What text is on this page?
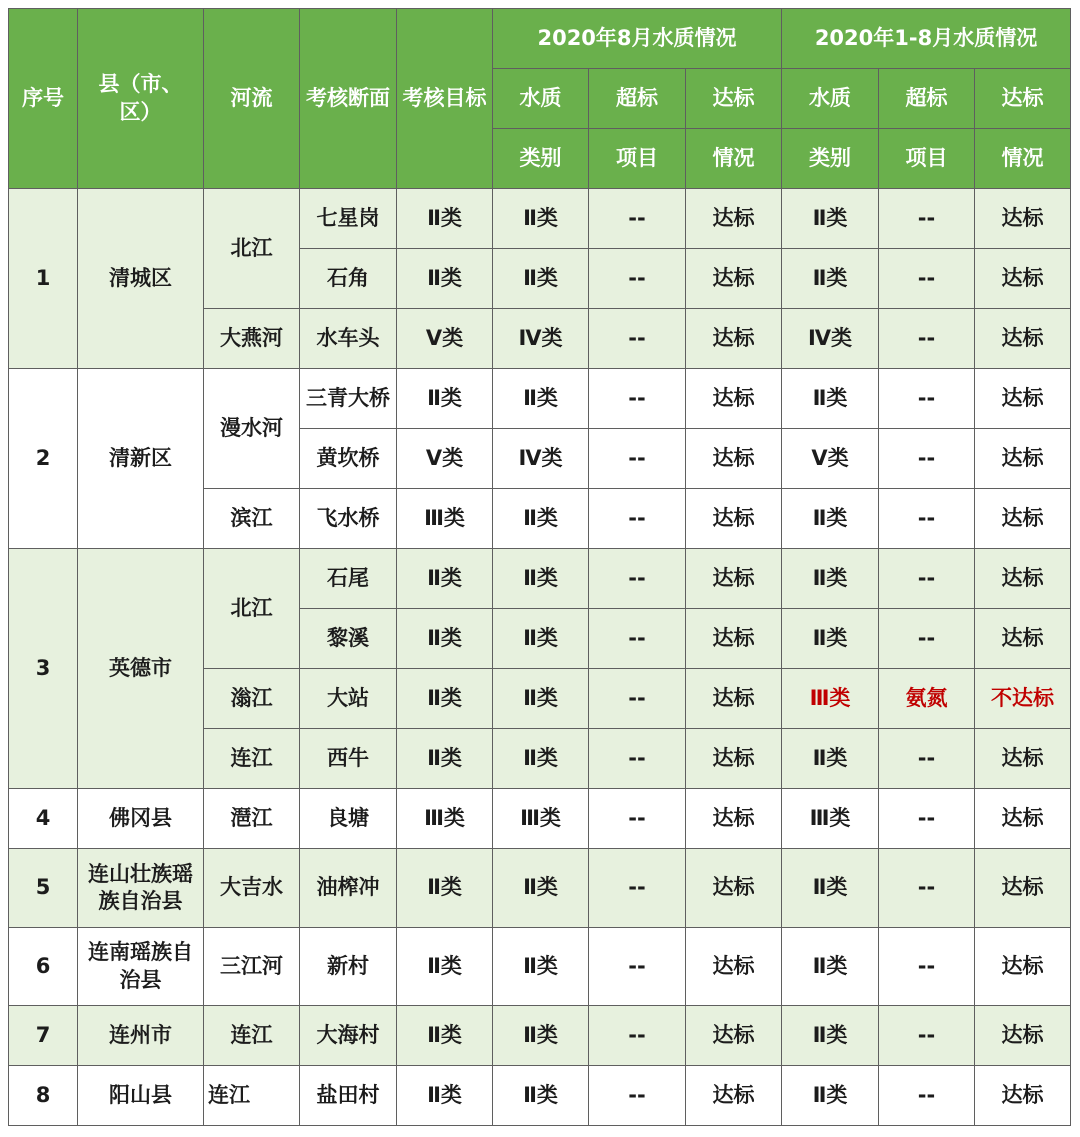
序号	县（市、区）	河流	考核断面	考核目标	2020年8月水质情况			2020年1-8月水质情况		
					水质	超标	达标	水质	超标	达标
					类别	项目	情况	类别	项目	情况
1	清城区	北江	七星岗	Ⅱ类	Ⅱ类	--	达标	Ⅱ类	--	达标
			石角	Ⅱ类	Ⅱ类	--	达标	Ⅱ类	--	达标
		大燕河	水车头	Ⅴ类	Ⅳ类	--	达标	Ⅳ类	--	达标
2	清新区	漫水河	三青大桥	Ⅱ类	Ⅱ类	--	达标	Ⅱ类	--	达标
			黄坎桥	Ⅴ类	Ⅳ类	--	达标	Ⅴ类	--	达标
		滨江	飞水桥	Ⅲ类	Ⅱ类	--	达标	Ⅱ类	--	达标
3	英德市	北江	石尾	Ⅱ类	Ⅱ类	--	达标	Ⅱ类	--	达标
			黎溪	Ⅱ类	Ⅱ类	--	达标	Ⅱ类	--	达标
		滃江	大站	Ⅱ类	Ⅱ类	--	达标	Ⅲ类	氨氮	不达标
		连江	西牛	Ⅱ类	Ⅱ类	--	达标	Ⅱ类	--	达标
4	佛冈县	潖江	良塘	Ⅲ类	Ⅲ类	--	达标	Ⅲ类	--	达标
5	连山壮族瑶族自治县	大吉水	油榨冲	Ⅱ类	Ⅱ类	--	达标	Ⅱ类	--	达标
6	连南瑶族自治县	三江河	新村	Ⅱ类	Ⅱ类	--	达标	Ⅱ类	--	达标
7	连州市	连江	大海村	Ⅱ类	Ⅱ类	--	达标	Ⅱ类	--	达标
8	阳山县	连江	盐田村	Ⅱ类	Ⅱ类	--	达标	Ⅱ类	--	达标
